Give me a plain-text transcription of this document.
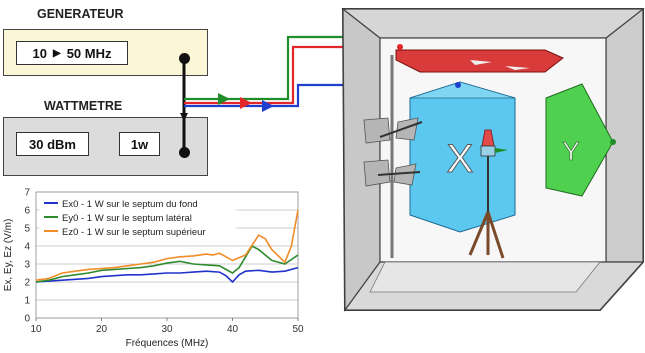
GENERATEUR
10 ▶ 50 MHz
WATTMETRE
30 dBm	1w	X	Y
0
1
2
3
4
5
6
7
10	20	30	40	50
Fréquences (MHz)
Ex, Ey, Ez (V/m)
Ex0 - 1 W sur le septum du fond
Ey0 - 1 W sur le septum latéral
Ez0 - 1 W sur le septum supérieur
